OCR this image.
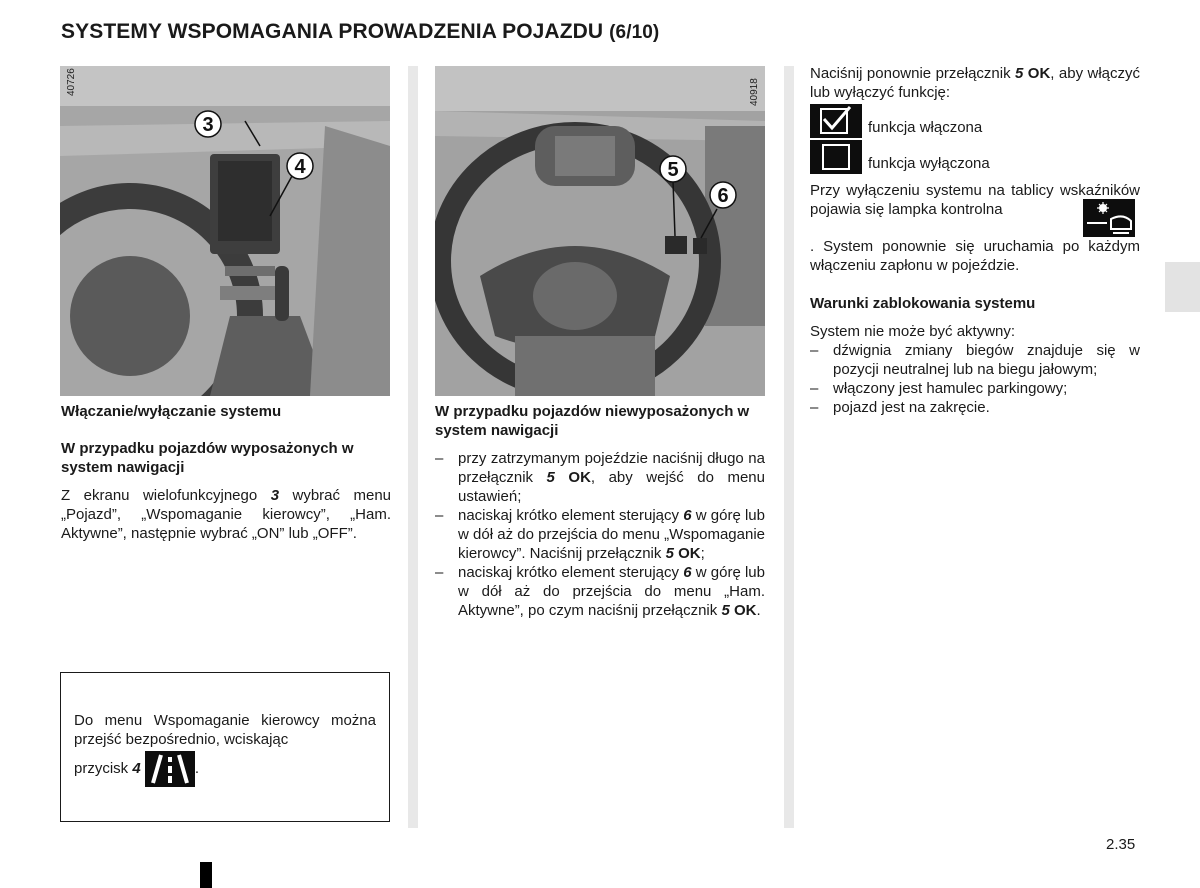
SYSTEMY WSPOMAGANIA PROWADZENIA POJAZDU (6/10)
3
4
40726
5
6
40918
Włączanie/wyłączanie systemu
W przypadku pojazdów wyposażonych w system nawigacji
Z ekranu wielofunkcyjnego 3 wybrać menu „Pojazd”, „Wspomaganie kierowcy”, „Ham. Aktywne”, następnie wybrać „ON” lub „OFF”.
Do menu Wspomaganie kierowcy można przejść bezpośrednio, wciskając
przycisk 4	.
W przypadku pojazdów niewyposażonych w system nawigacji
– przy zatrzymanym pojeździe naciśnij długo na przełącznik 5 OK, aby wejść do menu ustawień;
– naciskaj krótko element sterujący 6 w górę lub w dół aż do przejścia do menu „Wspomaganie kierowcy”. Naciśnij przełącznik 5 OK;
– naciskaj krótko element sterujący 6 w górę lub w dół aż do przejścia do menu „Ham. Aktywne”, po czym naciśnij przełącznik 5 OK.
Naciśnij ponownie przełącznik 5 OK, aby włączyć lub wyłączyć funkcję:
funkcja włączona
funkcja wyłączona
Przy wyłączeniu systemu na tablicy wskaźników pojawia się lampka kontrolna
. System ponownie się uruchamia po każdym włączeniu zapłonu w pojeździe.
Warunki zablokowania systemu
System nie może być aktywny:
– dźwignia zmiany biegów znajduje się w pozycji neutralnej lub na biegu jałowym;
– włączony jest hamulec parkingowy;
– pojazd jest na zakręcie.
2.35
